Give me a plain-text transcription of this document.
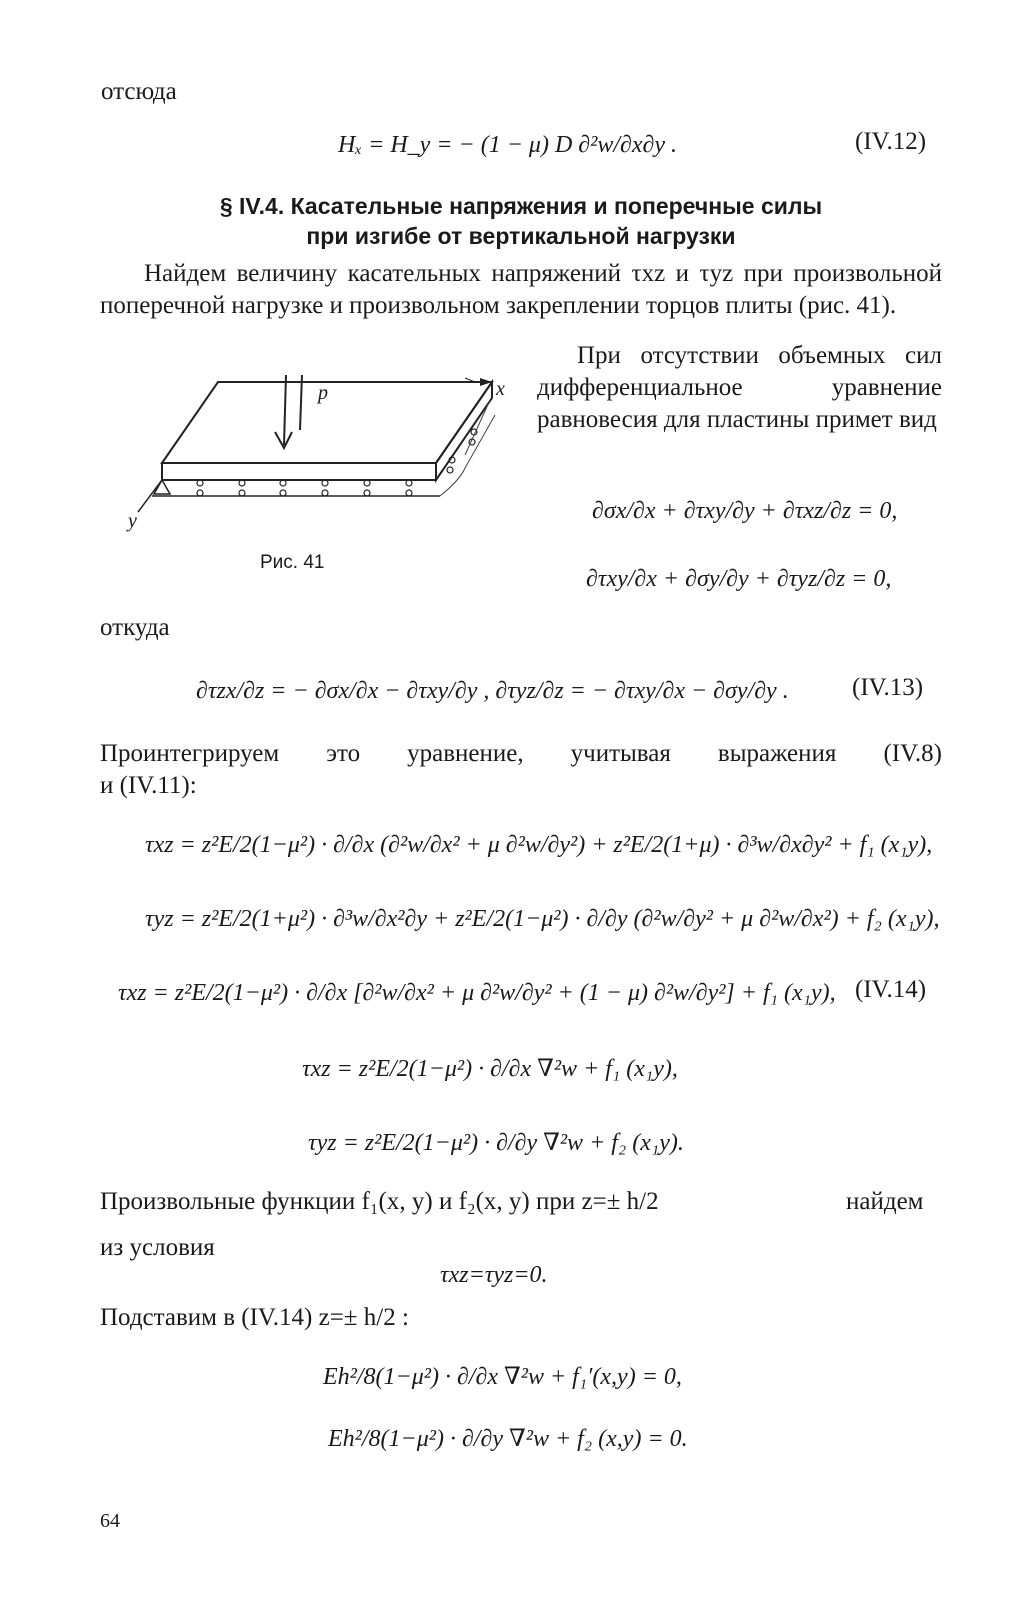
отсюда
Hₓ = H_y = − (1 − μ) D ∂²w/∂x∂y .	(IV.12)
§ IV.4. Касательные напряжения и поперечные силы
при изгибе от вертикальной нагрузки
Найдем величину касательных напряжений τxz и τyz при произвольной поперечной нагрузке и произвольном закреплении торцов плиты (рис. 41).
p	x
y
Рис. 41
При отсутствии объемных сил дифференциальное уравнение равновесия для пластины примет вид
∂σx/∂x + ∂τxy/∂y + ∂τxz/∂z = 0,
∂τxy/∂x + ∂σy/∂y + ∂τyz/∂z = 0,
откуда
∂τzx/∂z = − ∂σx/∂x − ∂τxy/∂y , ∂τyz/∂z = − ∂τxy/∂x − ∂σy/∂y .	(IV.13)
Проинтегрируем это уравнение, учитывая выражения (IV.8)
и (IV.11):
τxz = z²E/2(1−μ²) · ∂/∂x (∂²w/∂x² + μ ∂²w/∂y²) + z²E/2(1+μ) · ∂³w/∂x∂y² + f₁ (x₁y),
τyz = z²E/2(1+μ²) · ∂³w/∂x²∂y + z²E/2(1−μ²) · ∂/∂y (∂²w/∂y² + μ ∂²w/∂x²) + f₂ (x₁y),
τxz = z²E/2(1−μ²) · ∂/∂x [∂²w/∂x² + μ ∂²w/∂y² + (1 − μ) ∂²w/∂y²] + f₁ (x₁y), (IV.14)
τxz = z²E/2(1−μ²) · ∂/∂x ∇²w + f₁ (x₁y),
τyz = z²E/2(1−μ²) · ∂/∂y ∇²w + f₂ (x₁y).
Произвольные функции f₁(x, y) и f₂(x, y) при z=± h/2	найдем
из условия
τxz=τyz=0.
Подставим в (IV.14) z=± h/2 :
Eh²/8(1−μ²) · ∂/∂x ∇²w + f₁′(x,y) = 0,
Eh²/8(1−μ²) · ∂/∂y ∇²w + f₂ (x,y) = 0.
64
